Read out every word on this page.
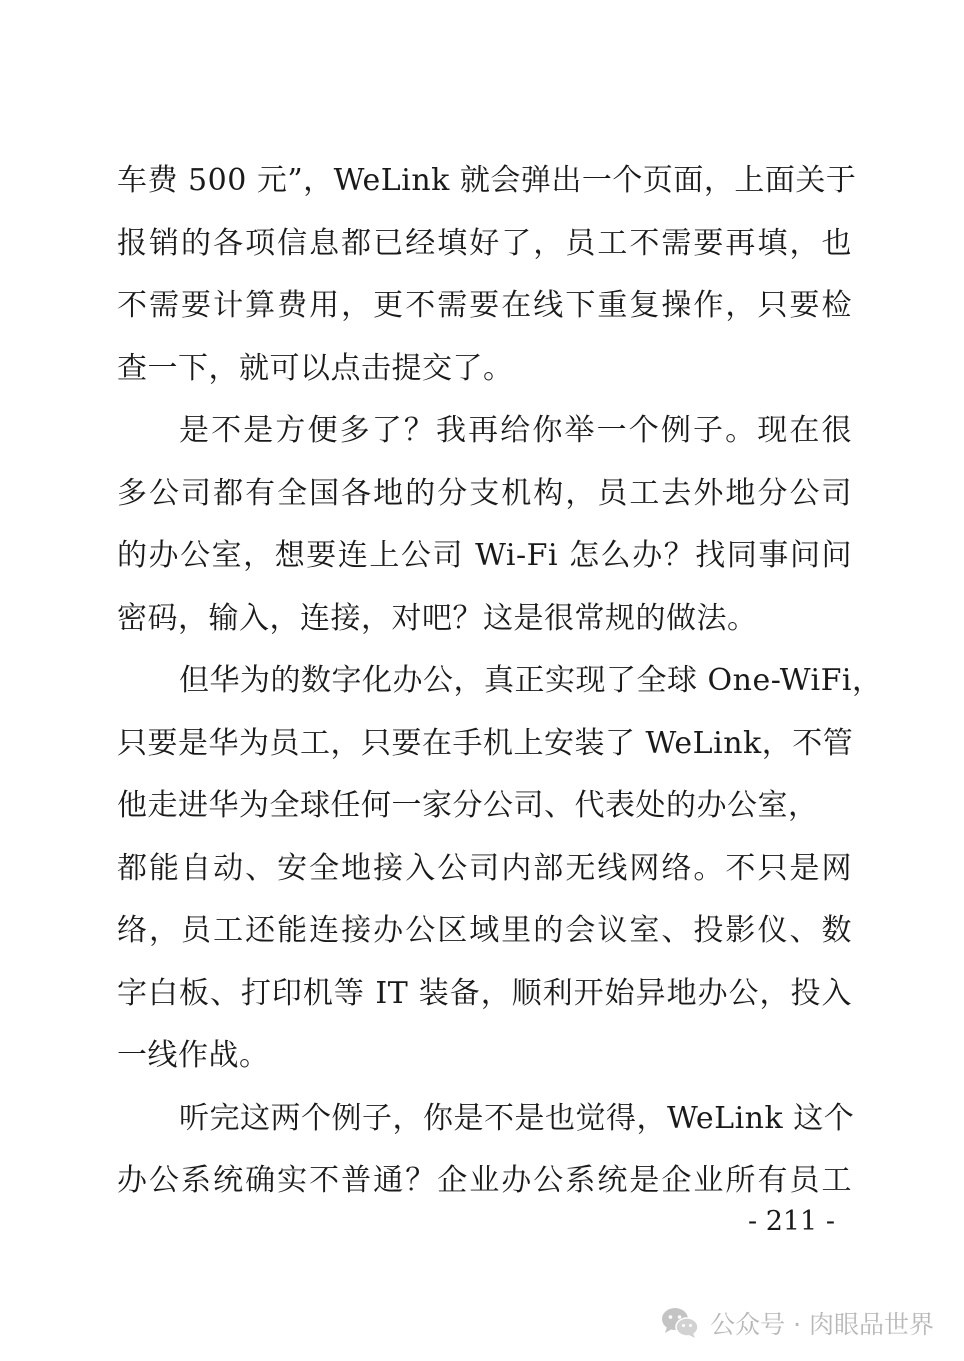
车费 500 元”，WeLink 就会弹出一个页面，上面关于
报销的各项信息都已经填好了，员工不需要再填，也
不需要计算费用，更不需要在线下重复操作，只要检
查一下，就可以点击提交了。
是不是方便多了？我再给你举一个例子。现在很
多公司都有全国各地的分支机构，员工去外地分公司
的办公室，想要连上公司 Wi-Fi 怎么办？找同事问问
密码，输入，连接，对吧？这是很常规的做法。
但华为的数字化办公，真正实现了全球 One-WiFi，
只要是华为员工，只要在手机上安装了 WeLink，不管
他走进华为全球任何一家分公司、代表处的办公室，
都能自动、安全地接入公司内部无线网络。不只是网
络，员工还能连接办公区域里的会议室、投影仪、数
字白板、打印机等 IT 装备，顺利开始异地办公，投入
一线作战。
听完这两个例子，你是不是也觉得，WeLink 这个
办公系统确实不普通？企业办公系统是企业所有员工
- 211 -
公众号 · 肉眼品世界
